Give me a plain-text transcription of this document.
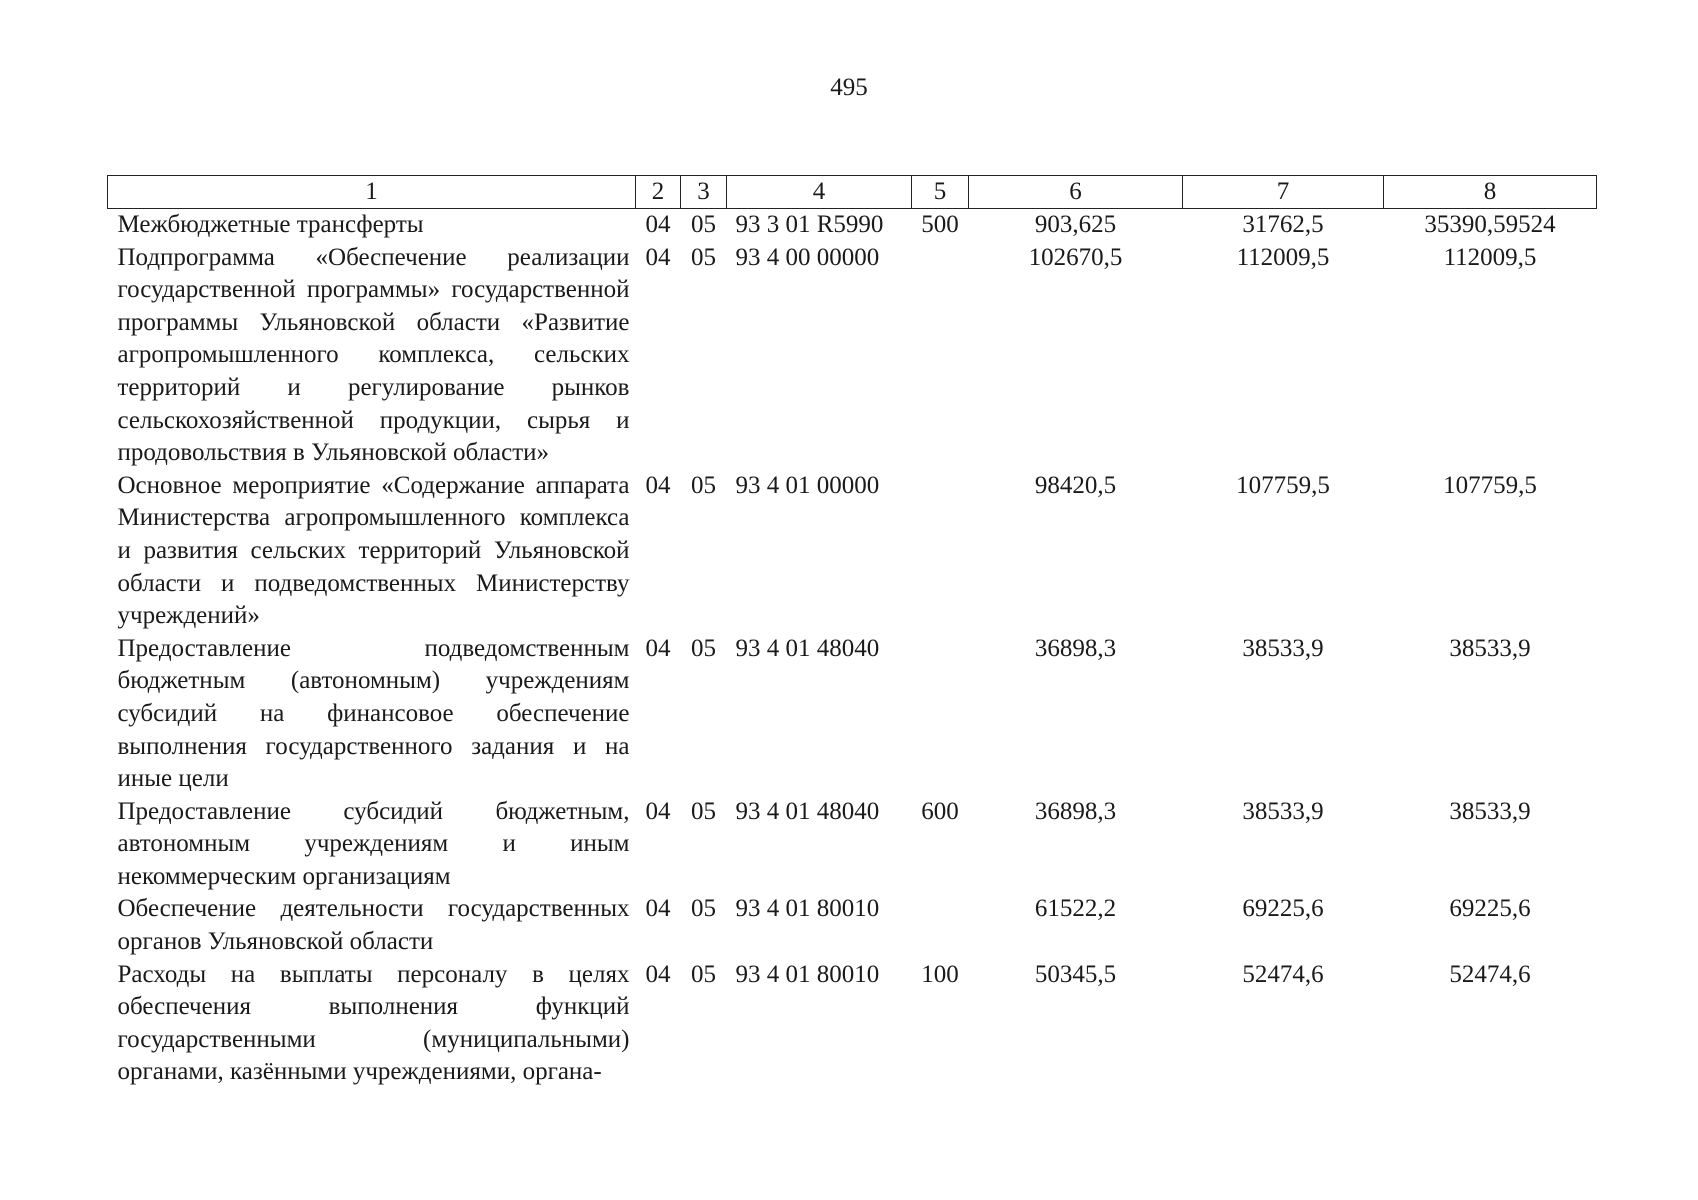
495
1	2	3	4	5	6	7	8
Межбюджетные трансферты	04	05	93 3 01 R5990	500	903,625	31762,5	35390,59524
Подпрограмма «Обеспечение реализации государственной программы» государственной программы Ульяновской области «Развитие агропромышленного комплекса, сельских территорий и регулирование рынков сельскохозяйственной продукции, сырья и продовольствия в Ульяновской области»	04	05	93 4 00 00000		102670,5	112009,5	112009,5
Основное мероприятие «Содержание аппарата Министерства агропромышленного комплекса и развития сельских территорий Ульяновской области и подведомственных Министерству учреждений»	04	05	93 4 01 00000		98420,5	107759,5	107759,5
Предоставление подведомственным бюджетным (автономным) учреждениям субсидий на финансовое обеспечение выполнения государственного задания и на иные цели	04	05	93 4 01 48040		36898,3	38533,9	38533,9
Предоставление субсидий бюджетным, автономным учреждениям и иным некоммерческим организациям	04	05	93 4 01 48040	600	36898,3	38533,9	38533,9
Обеспечение деятельности государственных органов Ульяновской области	04	05	93 4 01 80010		61522,2	69225,6	69225,6
Расходы на выплаты персоналу в целях обеспечения выполнения функций государственными (муниципальными) органами, казёнными учреждениями, органа-	04	05	93 4 01 80010	100	50345,5	52474,6	52474,6
